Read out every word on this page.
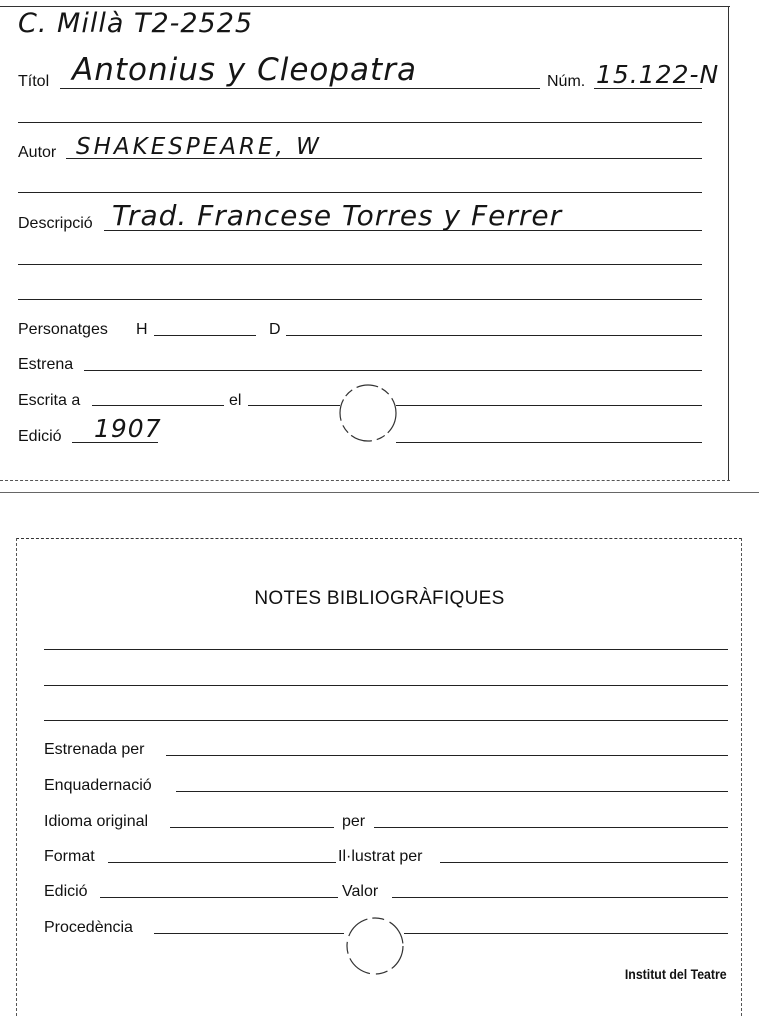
C. Millà T2-2525
Títol Antonius y Cleopatra	Núm. 15.122-N
Autor SHAKESPEARE, W
Descripció Trad. Francese Torres y Ferrer
Personatges H	D
Estrena
Escrita a	el
Edició 1907
NOTES BIBLIOGRÀFIQUES
Estrenada per
Enquadernació
Idioma original	per
Format	Il·lustrat per
Edició	Valor
Procedència
Institut del Teatre
